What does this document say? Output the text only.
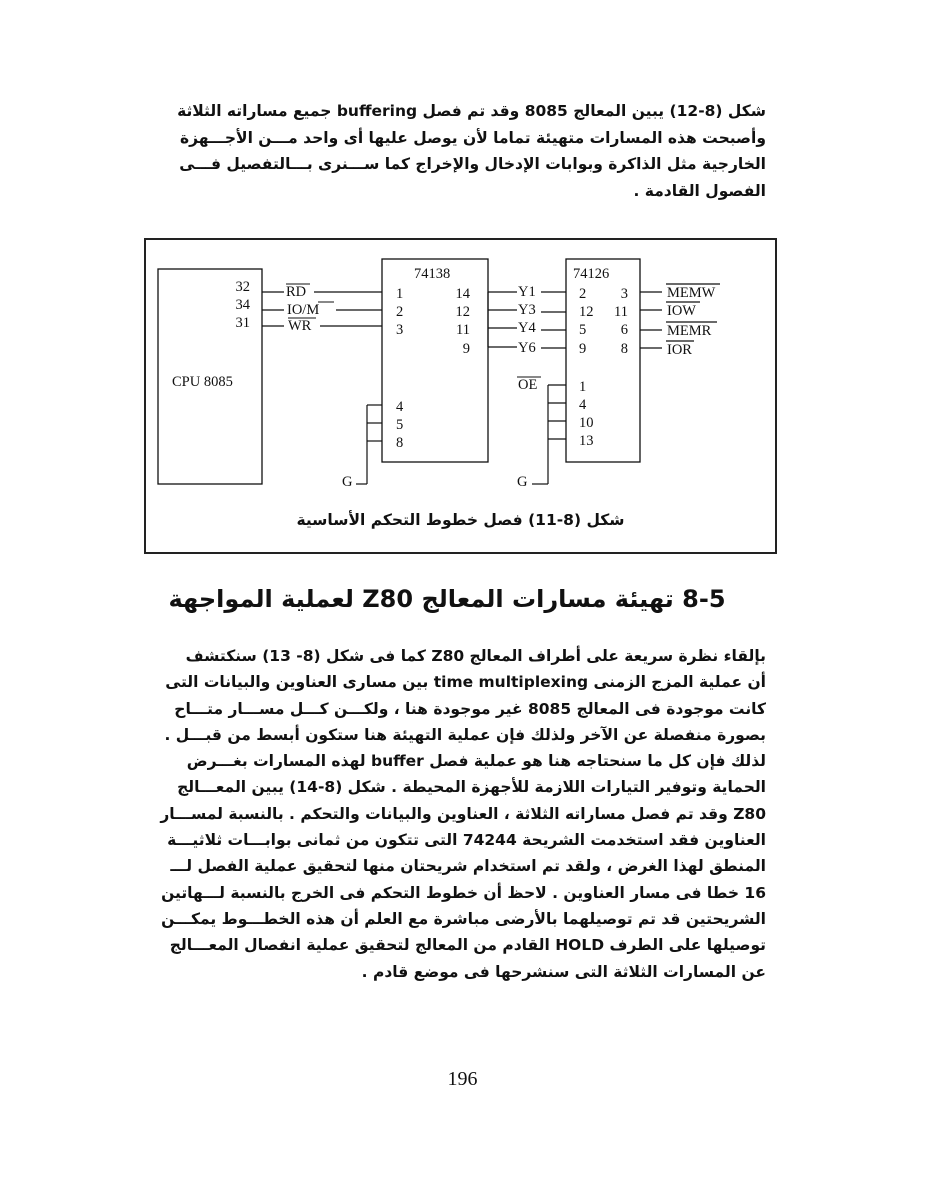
شكل (8-12) يبين المعالج 8085 وقد تم فصل buffering جميع مساراته الثلاثة
وأصبحت هذه المسارات متهيئة تماما لأن يوصل عليها أى واحد مـــن الأجـــهزة
الخارجية مثل الذاكرة وبوابات الإدخال والإخراج كما ســـنرى بـــالتفصيل فـــى
الفصول القادمة .
CPU 8085
32
34
31
RD
IO/M
WR
74138
1
2
3
14
12
11
9
4
5
8
G
Y1
Y3
Y4
Y6
OE
G
74126
2
12
5
9
3
11
6
8
1
4
10
13
MEMW
IOW
MEMR
IOR
شكل (8-11) فصل خطوط التحكم الأساسية
8-5 تهيئة مسارات المعالج Z80 لعملية المواجهة
بإلقاء نظرة سريعة على أطراف المعالج Z80 كما فى شكل (8- 13) سنكتشف
أن عملية المزج الزمنى time multiplexing بين مسارى العناوين والبيانات التى
كانت موجودة فى المعالج 8085 غير موجودة هنا ، ولكـــن كـــل مســـار متـــاح
بصورة منفصلة عن الآخر ولذلك فإن عملية التهيئة هنا ستكون أبسط من قبـــل .
لذلك فإن كل ما سنحتاجه هنا هو عملية فصل buffer لهذه المسارات بغـــرض
الحماية وتوفير التيارات اللازمة للأجهزة المحيطة . شكل (8-14) يبين المعـــالج
Z80 وقد تم فصل مساراته الثلاثة ، العناوين والبيانات والتحكم . بالنسبة لمســـار
العناوين فقد استخدمت الشريحة 74244 التى تتكون من ثمانى بوابـــات ثلاثيـــة
المنطق لهذا الغرض ، ولقد تم استخدام شريحتان منها لتحقيق عملية الفصل لـــ
16 خطا فى مسار العناوين . لاحظ أن خطوط التحكم فى الخرج بالنسبة لـــهاتين
الشريحتين قد تم توصيلهما بالأرضى مباشرة مع العلم أن هذه الخطـــوط يمكـــن
توصيلها على الطرف HOLD القادم من المعالج لتحقيق عملية انفصال المعـــالج
عن المسارات الثلاثة التى سنشرحها فى موضع قادم .
196
